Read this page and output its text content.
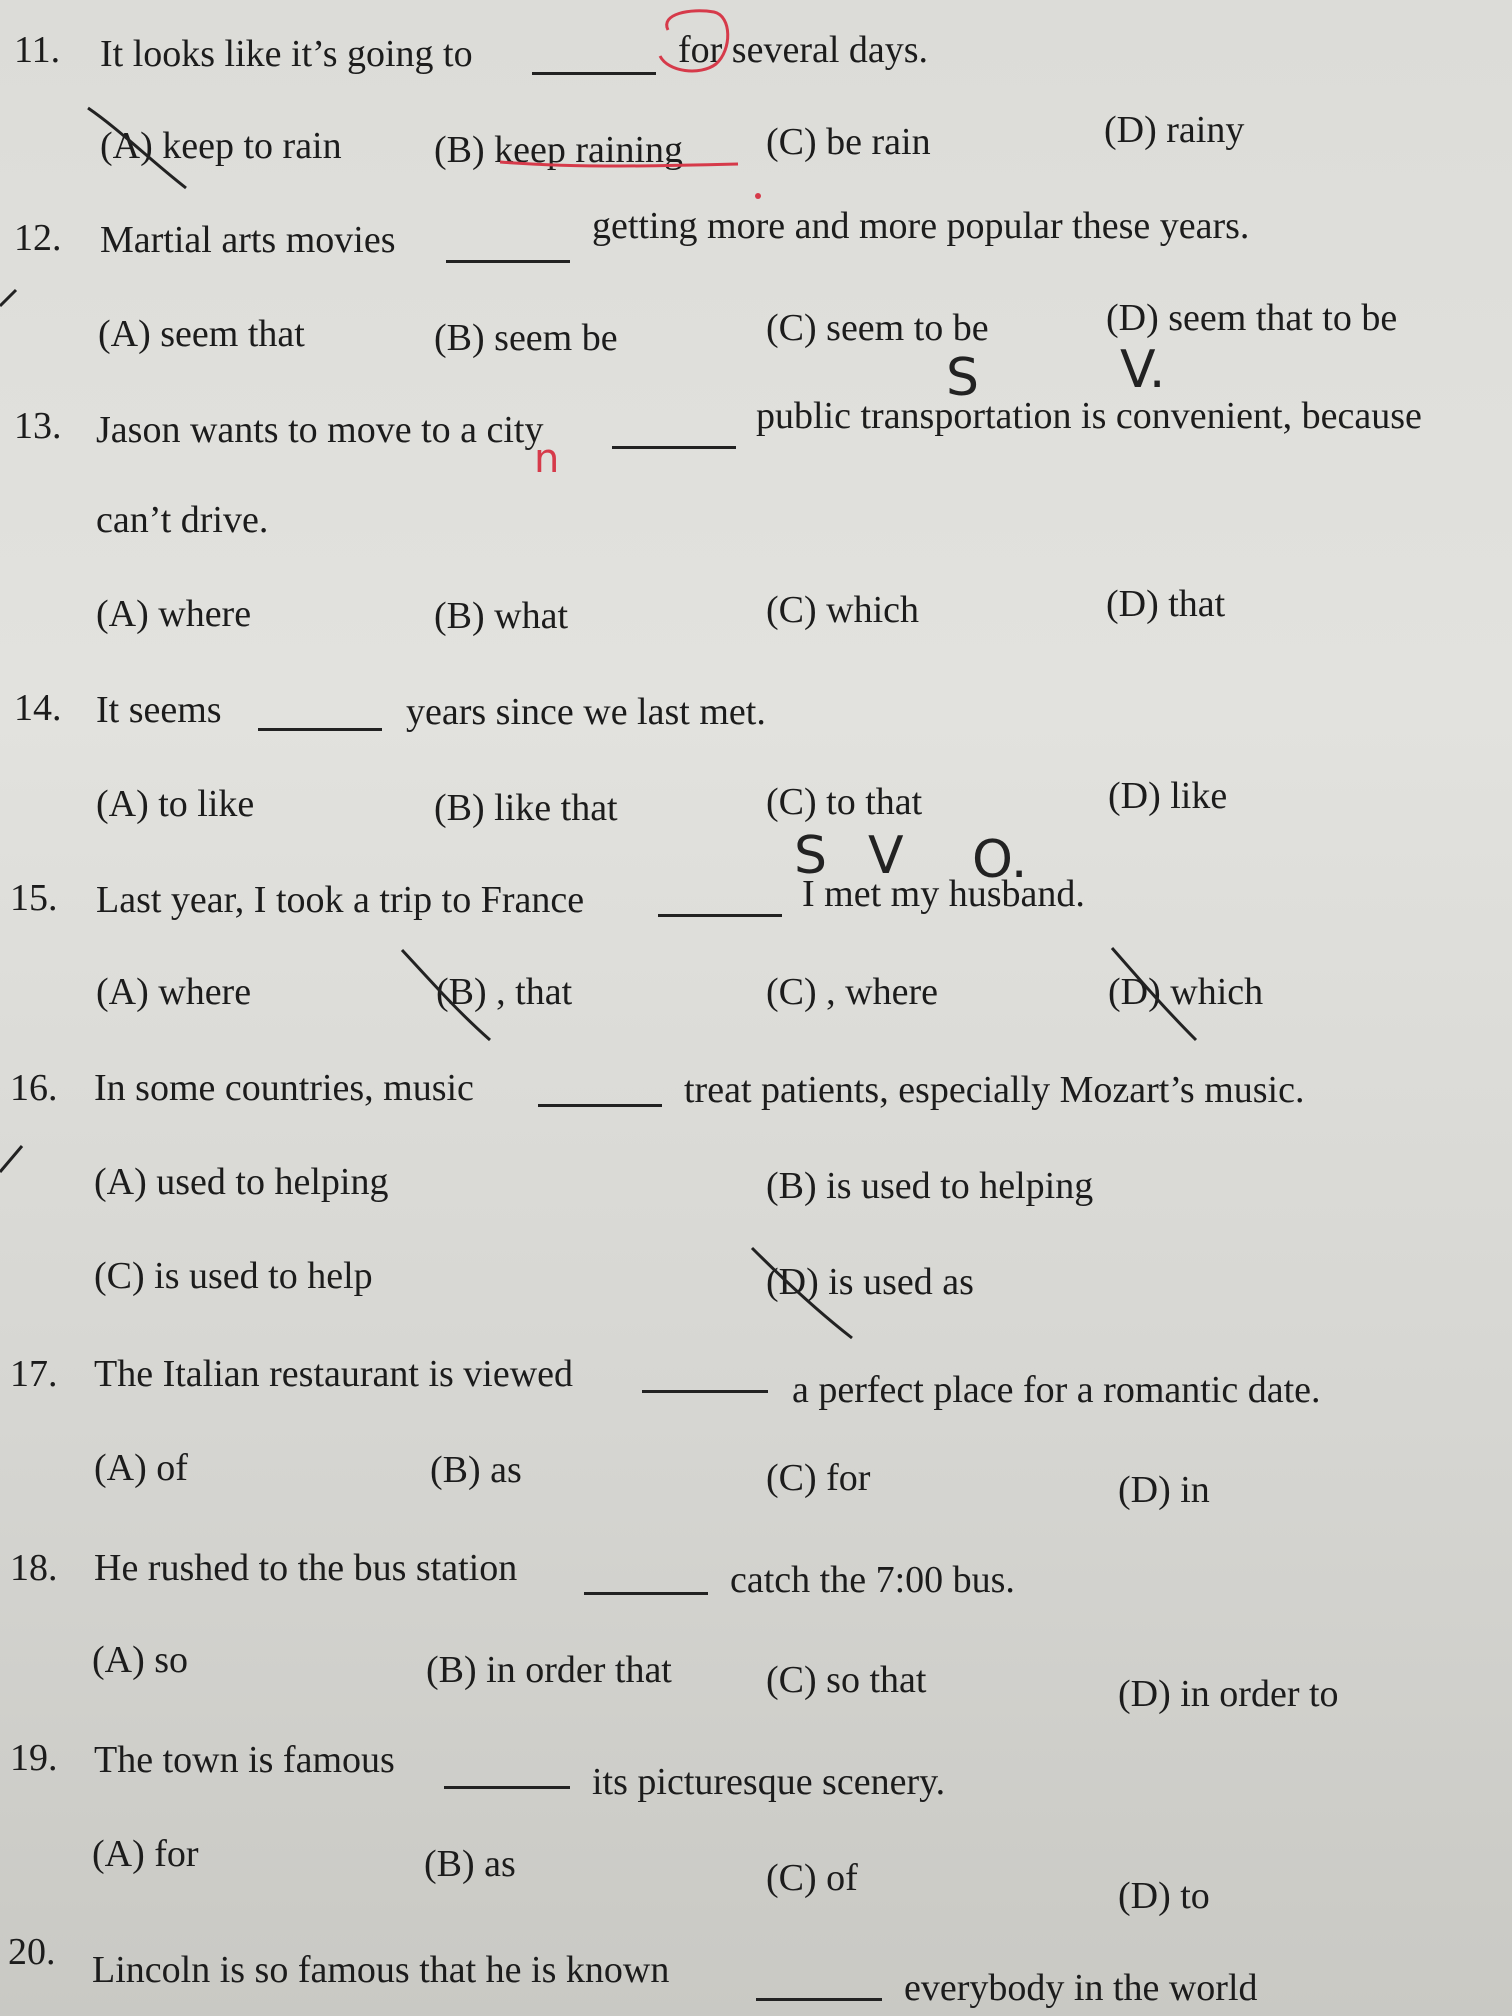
11. It looks like it’s going to	for several days.
(A) keep to rain (B) keep raining (C) be rain	(D) rainy
12. Martial arts movies	getting more and more popular these years.
(A) seem that	(B) seem be	(C) seem to be	(D) seem that to be
13. Jason wants to move to a city	public transportation is convenient, because
can’t drive.
(A) where	(B) what	(C) which	(D) that
S	V.
n
14. It seems	years since we last met.
(A) to like	(B) like that	(C) to that	(D) like
15. Last year, I took a trip to France	I met my husband.
(A) where	(B) , that	(C) , where	(D) which
S V O.
16. In some countries, music	treat patients, especially Mozart’s music.
(A) used to helping	(B) is used to helping
(C) is used to help	(D) is used as
17. The Italian restaurant is viewed	a perfect place for a romantic date.
(A) of	(B) as	(C) for	(D) in
18. He rushed to the bus station	catch the 7:00 bus.
(A) so	(B) in order that (C) so that	(D) in order to
19. The town is famous
its picturesque scenery.
(A) for	(B) as	(C) of	(D) to
20. Lincoln is so famous that he is known	everybody in the world
